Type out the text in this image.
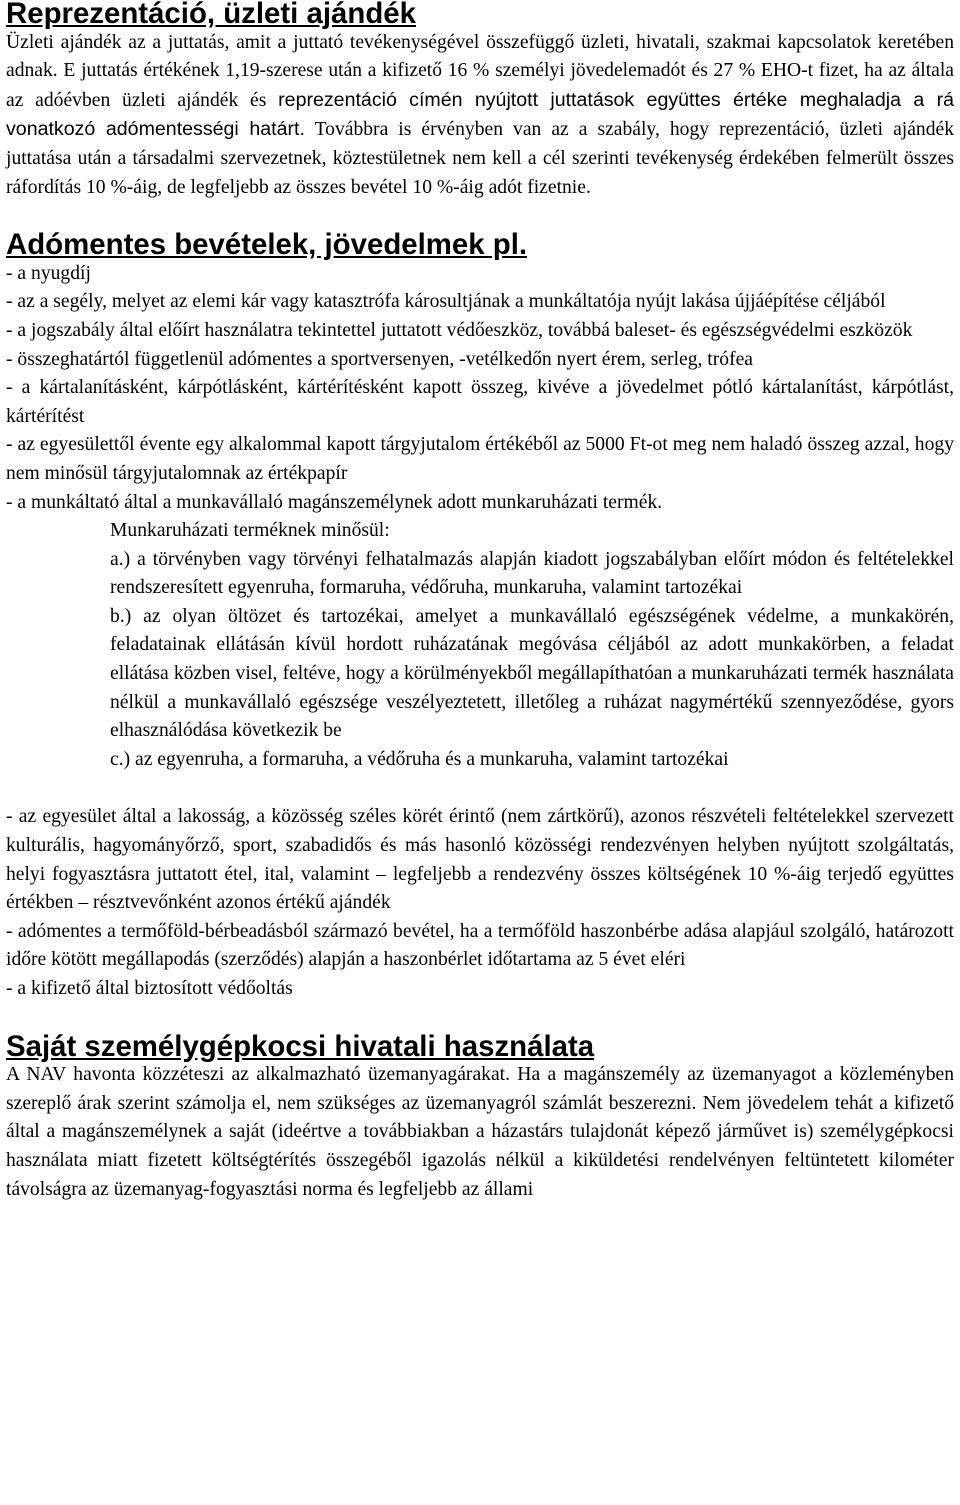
Reprezentáció, üzleti ajándék

Üzleti ajándék az a juttatás, amit a juttató tevékenységével összefüggő üzleti, hivatali, szakmai kapcsolatok keretében adnak. E juttatás értékének 1,19-szerese után a kifizető 16 % személyi jövedelemadót és 27 % EHO-t fizet, ha az általa az adóévben üzleti ajándék és reprezentáció címén nyújtott juttatások együttes értéke meghaladja a rá vonatkozó adómentességi határt. Továbbra is érvényben van az a szabály, hogy reprezentáció, üzleti ajándék juttatása után a társadalmi szervezetnek, köztestületnek nem kell a cél szerinti tevékenység érdekében felmerült összes ráfordítás 10 %-áig, de legfeljebb az összes bevétel 10 %-áig adót fizetnie.

Adómentes bevételek, jövedelmek pl.

- a nyugdíj

- az a segély, melyet az elemi kár vagy katasztrófa károsultjának a munkáltatója nyújt lakása újjáépítése céljából

- a jogszabály által előírt használatra tekintettel juttatott védőeszköz, továbbá baleset- és egészségvédelmi eszközök

- összeghatártól függetlenül adómentes a sportversenyen, -vetélkedőn nyert érem, serleg, trófea

- a kártalanításként, kárpótlásként, kártérítésként kapott összeg, kivéve a jövedelmet pótló kártalanítást, kárpótlást, kártérítést

- az egyesülettől évente egy alkalommal kapott tárgyjutalom értékéből az 5000 Ft-ot meg nem haladó összeg azzal, hogy nem minősül tárgyjutalomnak az értékpapír

- a munkáltató által a munkavállaló magánszemélynek adott munkaruházati termék.

Munkaruházati terméknek minősül:

a.) a törvényben vagy törvényi felhatalmazás alapján kiadott jogszabályban előírt módon és feltételekkel rendszeresített egyenruha, formaruha, védőruha, munkaruha, valamint tartozékai

b.) az olyan öltözet és tartozékai, amelyet a munkavállaló egészségének védelme, a munkakörén, feladatainak ellátásán kívül hordott ruházatának megóvása céljából az adott munkakörben, a feladat ellátása közben visel, feltéve, hogy a körülményekből megállapíthatóan a munkaruházati termék használata nélkül a munkavállaló egészsége veszélyeztetett, illetőleg a ruházat nagymértékű szennyeződése, gyors elhasználódása következik be

c.) az egyenruha, a formaruha, a védőruha és a munkaruha, valamint tartozékai

- az egyesület által a lakosság, a közösség széles körét érintő (nem zártkörű), azonos részvételi feltételekkel szervezett kulturális, hagyományőrző, sport, szabadidős és más hasonló közösségi rendezvényen helyben nyújtott szolgáltatás, helyi fogyasztásra juttatott étel, ital, valamint – legfeljebb a rendezvény összes költségének 10 %-áig terjedő együttes értékben – résztvevőnként azonos értékű ajándék

- adómentes a termőföld-bérbeadásból származó bevétel, ha a termőföld haszonbérbe adása alapjául szolgáló, határozott időre kötött megállapodás (szerződés) alapján a haszonbérlet időtartama az 5 évet eléri

- a kifizető által biztosított védőoltás

Saját személygépkocsi hivatali használata

A NAV havonta közzéteszi az alkalmazható üzemanyagárakat. Ha a magánszemély az üzemanyagot a közleményben szereplő árak szerint számolja el, nem szükséges az üzemanyagról számlát beszerezni. Nem jövedelem tehát a kifizető által a magánszemélynek a saját (ideértve a továbbiakban a házastárs tulajdonát képező járművet is) személygépkocsi használata miatt fizetett költségtérítés összegéből igazolás nélkül a kiküldetési rendelvényen feltüntetett kilométer távolságra az üzemanyag-fogyasztási norma és legfeljebb az állami
